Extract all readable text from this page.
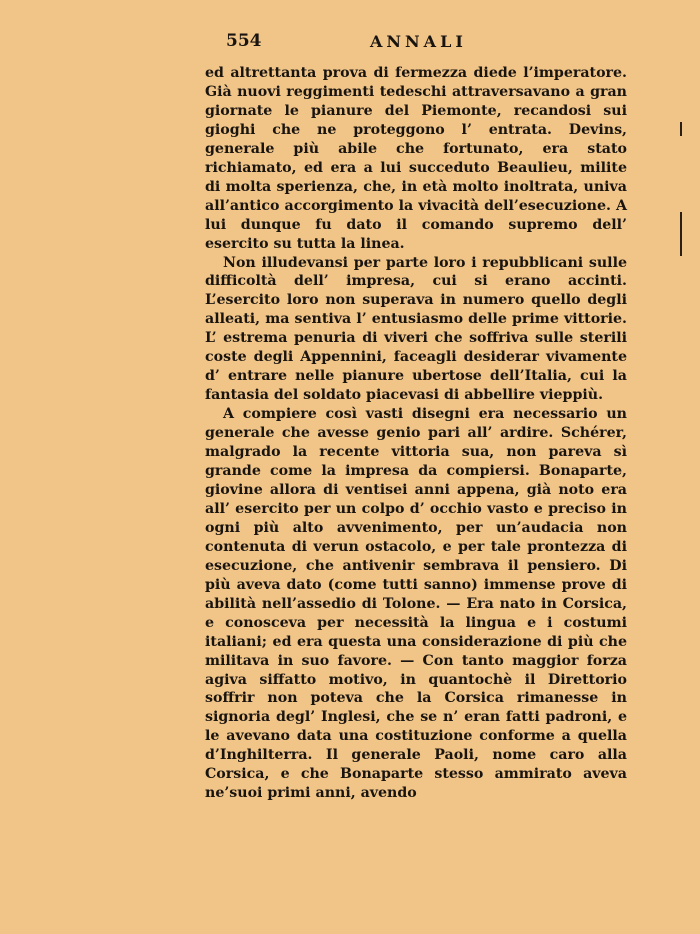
554	ANNALI

ed altrettanta prova di fermezza diede l’imperatore. Già nuovi reggimenti tedeschi attraversavano a gran giornate le pianure del Piemonte, recandosi sui gioghi che ne proteggono l’ entrata. Devins, generale più abile che fortunato, era stato richiamato, ed era a lui succeduto Beaulieu, milite di molta sperienza, che, in età molto inoltrata, univa all’antico accorgimento la vivacità dell’esecuzione. A lui dunque fu dato il comando supremo dell’ esercito su tutta la linea.

Non illudevansi per parte loro i repubblicani sulle difficoltà dell’ impresa, cui si erano accinti. L’esercito loro non superava in numero quello degli alleati, ma sentiva l’ entusiasmo delle prime vittorie. L’ estrema penuria di viveri che soffriva sulle sterili coste degli Appennini, faceagli desiderar vivamente d’ entrare nelle pianure ubertose dell’Italia, cui la fantasia del soldato piacevasi di abbellire vieppiù.

A compiere così vasti disegni era necessario un generale che avesse genio pari all’ ardire. Schérer, malgrado la recente vittoria sua, non pareva sì grande come la impresa da compiersi. Bonaparte, giovine allora di ventisei anni appena, già noto era all’ esercito per un colpo d’ occhio vasto e preciso in ogni più alto avvenimento, per un’audacia non contenuta di verun ostacolo, e per tale prontezza di esecuzione, che antivenir sembrava il pensiero. Di più aveva dato (come tutti sanno) immense prove di abilità nell’assedio di Tolone. — Era nato in Corsica, e conosceva per necessità la lingua e i costumi italiani; ed era questa una considerazione di più che militava in suo favore. — Con tanto maggior forza agiva siffatto motivo, in quantochè il Direttorio soffrir non poteva che la Corsica rimanesse in signoria degl’ Inglesi, che se n’ eran fatti padroni, e le avevano data una costituzione conforme a quella d’Inghilterra. Il generale Paoli, nome caro alla Corsica, e che Bonaparte stesso ammirato aveva ne’suoi primi anni, avendo
